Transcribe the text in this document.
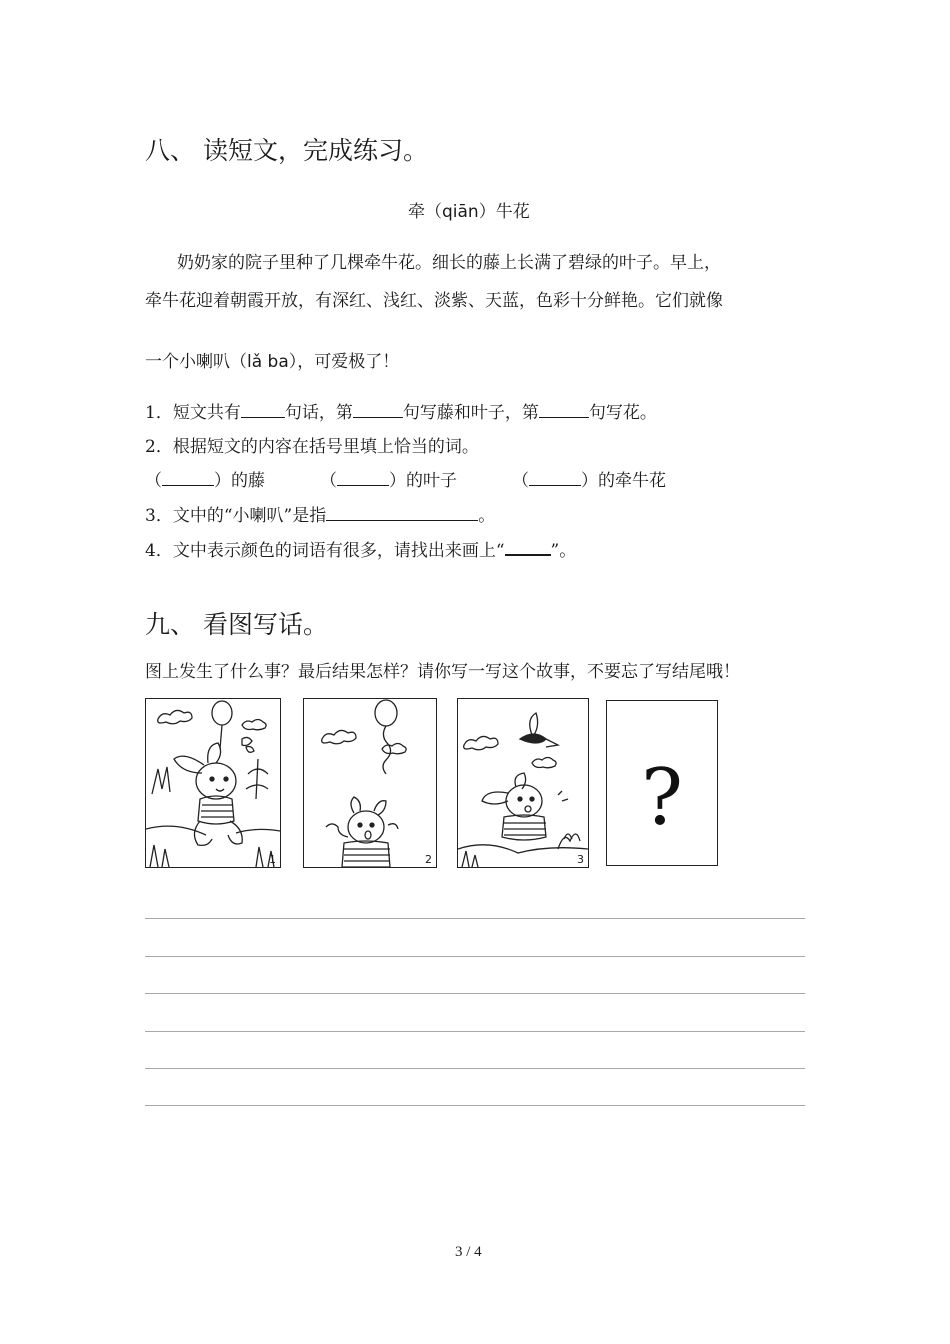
八、 读短文，完成练习。
牵（qiān）牛花
奶奶家的院子里种了几棵牵牛花。细长的藤上长满了碧绿的叶子。早上，
牵牛花迎着朝霞开放，有深红、浅红、淡紫、天蓝，色彩十分鲜艳。它们就像
一个小喇叭（lǎ ba），可爱极了！
1．短文共有	句话，第	句写藤和叶子，第	句写花。
2．根据短文的内容在括号里填上恰当的词。
（	）的藤	（	）的叶子	（	）的牵牛花
3．文中的“小喇叭”是指	。
4．文中表示颜色的词语有很多，请找出来画上“	”。
九、 看图写话。
图上发生了什么事？最后结果怎样？请你写一写这个故事，不要忘了写结尾哦！
1	2	3
?
3 / 4
